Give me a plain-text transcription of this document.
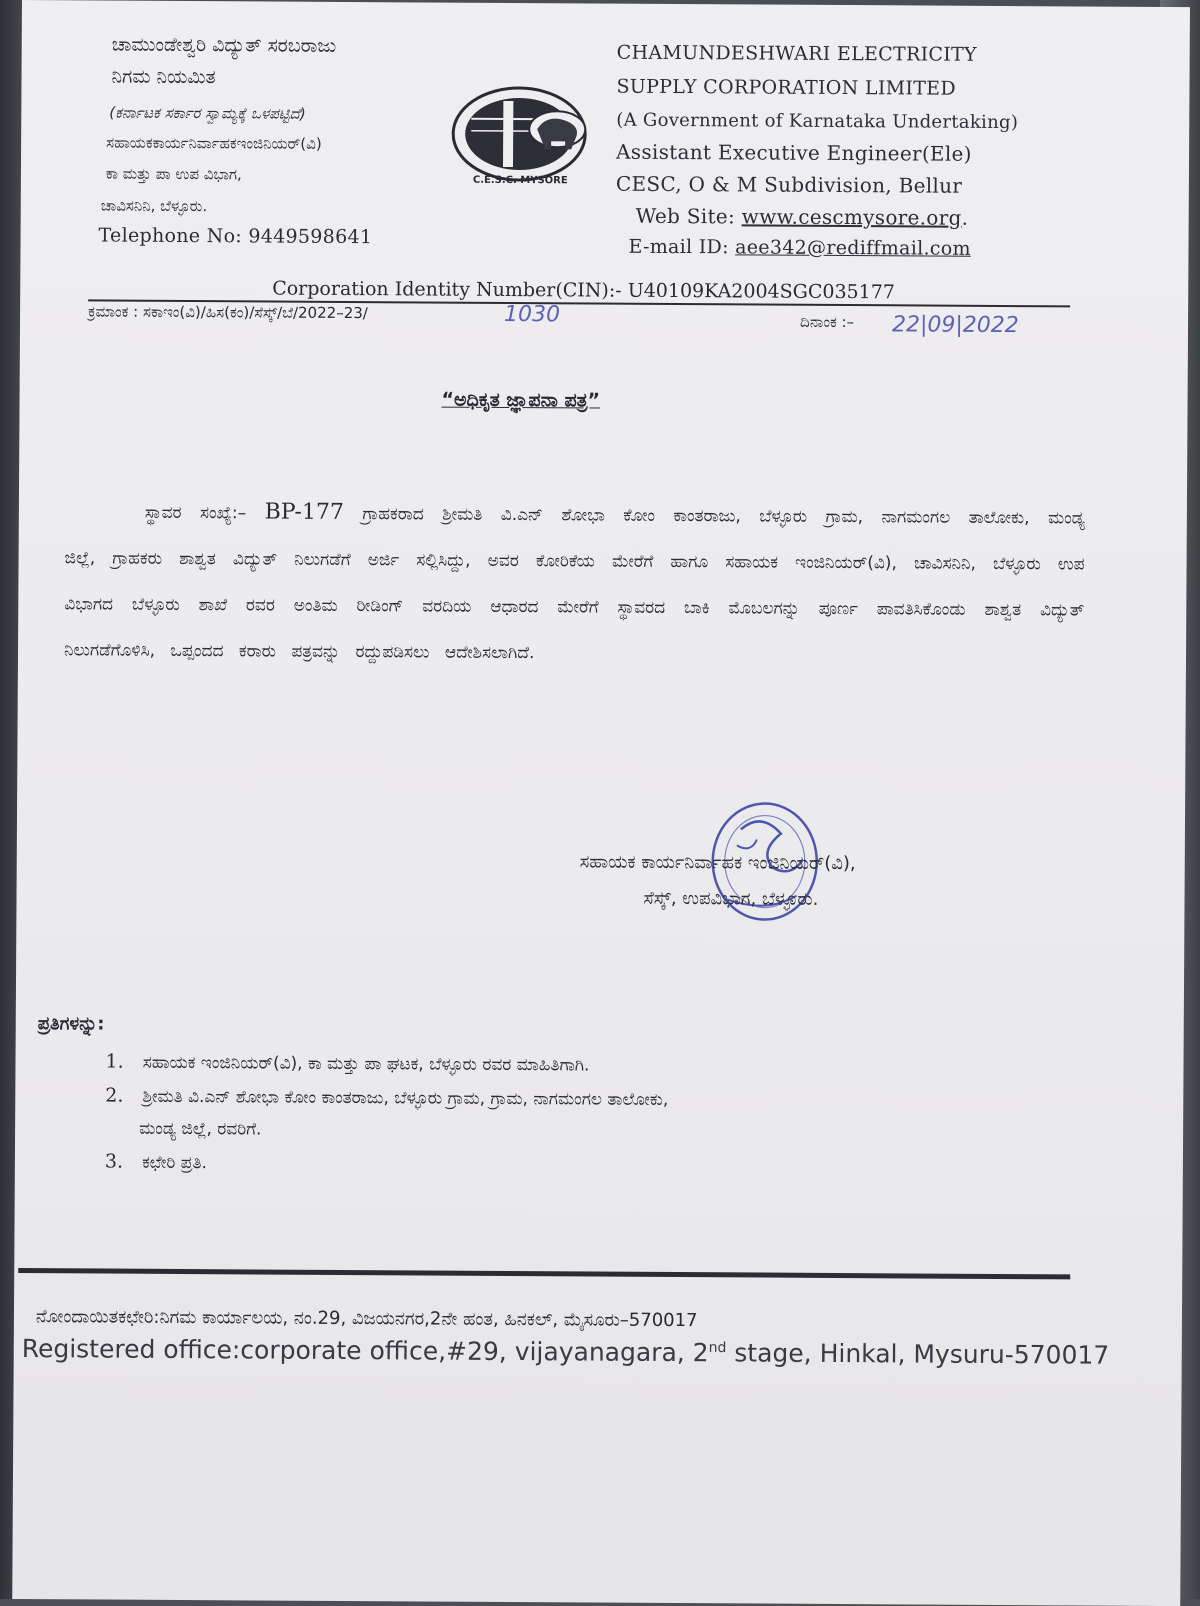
ಚಾಮುಂಡೇಶ್ವರಿ ವಿದ್ಯುತ್ ಸರಬರಾಜು
ನಿಗಮ ನಿಯಮಿತ
(ಕರ್ನಾಟಕ ಸರ್ಕಾರ ಸ್ವಾಮ್ಯಕ್ಕೆ ಒಳಪಟ್ಟಿದೆ)
ಸಹಾಯಕಕಾರ್ಯನಿರ್ವಾಹಕಇಂಜಿನಿಯರ್(ವಿ)
ಕಾ ಮತ್ತು ಪಾ ಉಪ ವಿಭಾಗ,
ಚಾವಿಸನಿನಿ, ಬೆಳ್ಳೂರು.
Telephone No: 9449598641
C.E.S.C. MYSORE
CHAMUNDESHWARI ELECTRICITY
SUPPLY CORPORATION LIMITED
(A Government of Karnataka Undertaking)
Assistant Executive Engineer(Ele)
CESC, O & M Subdivision, Bellur
Web Site: www.cescmysore.org.
E-mail ID: aee342@rediffmail.com
Corporation Identity Number(CIN):- U40109KA2004SGC035177
ಕ್ರಮಾಂಕ : ಸಕಾಇಂ(ವಿ)/ಹಿಸ(ಕಂ)/ಸೆಸ್ಕ್/ಬೆ/2022–23/	1030	ದಿನಾಂಕ :– 22|09|2022
“ಅಧಿಕೃತ ಜ್ಞಾಪನಾ ಪತ್ರ”
ಸ್ಥಾವರ ಸಂಖ್ಯೆ:– BP-177 ಗ್ರಾಹಕರಾದ ಶ್ರೀಮತಿ ವಿ.ಎನ್ ಶೋಭಾ ಕೋಂ ಕಾಂತರಾಜು, ಬೆಳ್ಳೂರು ಗ್ರಾಮ, ನಾಗಮಂಗಲ ತಾಲೋಕು, ಮಂಡ್ಯ ಜಿಲ್ಲೆ, ಗ್ರಾಹಕರು ಶಾಶ್ವತ ವಿದ್ಯುತ್ ನಿಲುಗಡೆಗೆ ಅರ್ಜಿ ಸಲ್ಲಿಸಿದ್ದು, ಅವರ ಕೋರಿಕೆಯ ಮೇರೆಗೆ ಹಾಗೂ ಸಹಾಯಕ ಇಂಜಿನಿಯರ್(ವಿ), ಚಾವಿಸನಿನಿ, ಬೆಳ್ಳೂರು ಉಪ ವಿಭಾಗದ ಬೆಳ್ಳೂರು ಶಾಖೆ ರವರ ಅಂತಿಮ ರೀಡಿಂಗ್ ವರದಿಯ ಆಧಾರದ ಮೇರೆಗೆ ಸ್ಥಾವರದ ಬಾಕಿ ಮೊಬಲಗನ್ನು ಪೂರ್ಣ ಪಾವತಿಸಿಕೊಂಡು ಶಾಶ್ವತ ವಿದ್ಯುತ್ ನಿಲುಗಡೆಗೊಳಿಸಿ, ಒಪ್ಪಂದದ ಕರಾರು ಪತ್ರವನ್ನು ರದ್ದುಪಡಿಸಲು ಆದೇಶಿಸಲಾಗಿದೆ.
ಸಹಾಯಕ ಕಾರ್ಯನಿರ್ವಾಹಕ ಇಂಜಿನಿಯರ್(ವಿ),
ಸೆಸ್ಕ್, ಉಪವಿಭಾಗ, ಬೆಳ್ಳೂರು.
ಪ್ರತಿಗಳನ್ನು:
1. ಸಹಾಯಕ ಇಂಜಿನಿಯರ್(ವಿ), ಕಾ ಮತ್ತು ಪಾ ಘಟಕ, ಬೆಳ್ಳೂರು ರವರ ಮಾಹಿತಿಗಾಗಿ.
2. ಶ್ರೀಮತಿ ವಿ.ಎನ್ ಶೋಭಾ ಕೋಂ ಕಾಂತರಾಜು, ಬೆಳ್ಳೂರು ಗ್ರಾಮ, ಗ್ರಾಮ, ನಾಗಮಂಗಲ ತಾಲೋಕು,
ಮಂಡ್ಯ ಜಿಲ್ಲೆ, ರವರಿಗೆ.
3. ಕಛೇರಿ ಪ್ರತಿ.
ನೋಂದಾಯಿತಕಛೇರಿ:ನಿಗಮ ಕಾರ್ಯಾಲಯ, ನಂ.29, ವಿಜಯನಗರ,2ನೇ ಹಂತ, ಹಿನಕಲ್, ಮೈಸೂರು–570017
Registered office:corporate office,#29, vijayanagara, 2nd stage, Hinkal, Mysuru-570017
